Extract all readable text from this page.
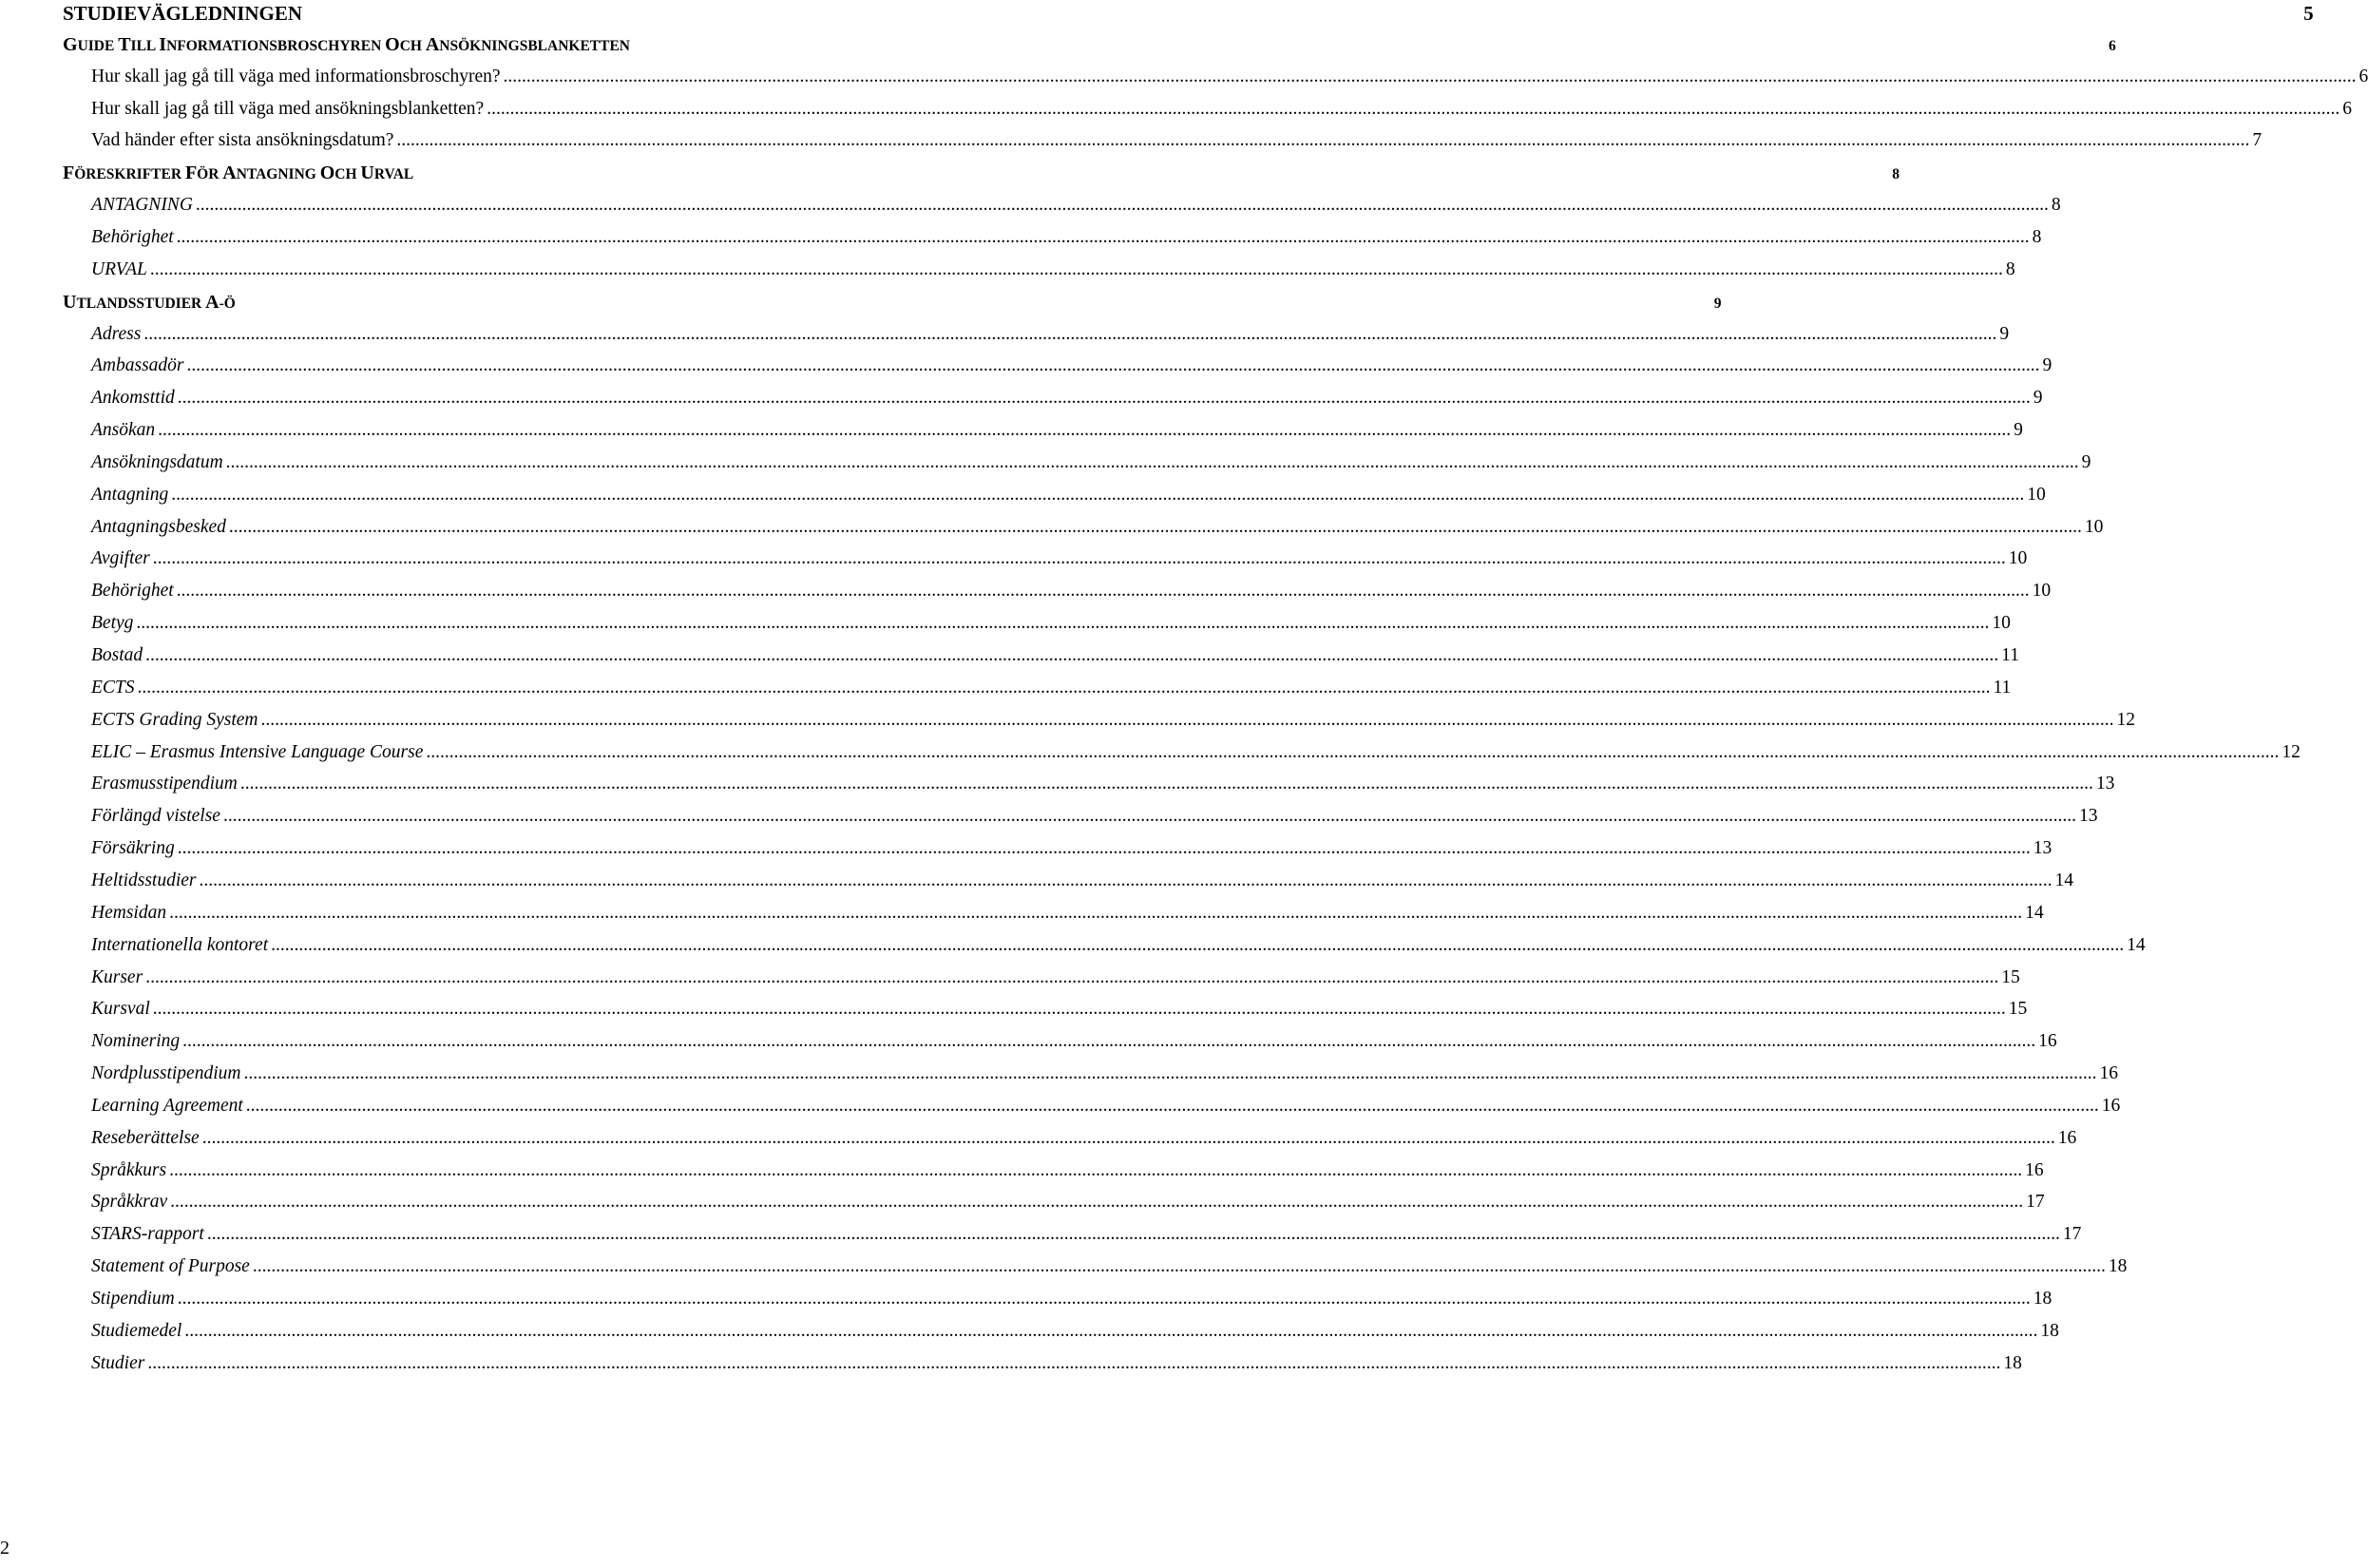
STUDIEVÄGLEDNINGEN	5
GUIDE TILL INFORMATIONSBROSCHYREN OCH ANSÖKNINGSBLANKETTEN	6
Hur skall jag gå till väga med informationsbroschyren? ................................................................................................................................................................................................................................................................................................................................................................................................................ 6
Hur skall jag gå till väga med ansökningsblanketten? ................................................................................................................................................................................................................................................................................................................................................................................................................ 6
Vad händer efter sista ansökningsdatum? ................................................................................................................................................................................................................................................................................................................................................................................................................ 7
FÖRESKRIFTER FÖR ANTAGNING OCH URVAL	8
ANTAGNING ................................................................................................................................................................................................................................................................................................................................................................................................................ 8
Behörighet ................................................................................................................................................................................................................................................................................................................................................................................................................ 8
URVAL ................................................................................................................................................................................................................................................................................................................................................................................................................ 8
UTLANDSSTUDIER A-Ö	9
Adress ................................................................................................................................................................................................................................................................................................................................................................................................................ 9
Ambassadör ................................................................................................................................................................................................................................................................................................................................................................................................................ 9
Ankomsttid ................................................................................................................................................................................................................................................................................................................................................................................................................ 9
Ansökan ................................................................................................................................................................................................................................................................................................................................................................................................................ 9
Ansökningsdatum ................................................................................................................................................................................................................................................................................................................................................................................................................ 9
Antagning ................................................................................................................................................................................................................................................................................................................................................................................................................ 10
Antagningsbesked ................................................................................................................................................................................................................................................................................................................................................................................................................ 10
Avgifter ................................................................................................................................................................................................................................................................................................................................................................................................................ 10
Behörighet ................................................................................................................................................................................................................................................................................................................................................................................................................ 10
Betyg ................................................................................................................................................................................................................................................................................................................................................................................................................ 10
Bostad ................................................................................................................................................................................................................................................................................................................................................................................................................ 11
ECTS ................................................................................................................................................................................................................................................................................................................................................................................................................ 11
ECTS Grading System ................................................................................................................................................................................................................................................................................................................................................................................................................ 12
ELIC – Erasmus Intensive Language Course ................................................................................................................................................................................................................................................................................................................................................................................................................ 12
Erasmusstipendium ................................................................................................................................................................................................................................................................................................................................................................................................................ 13
Förlängd vistelse ................................................................................................................................................................................................................................................................................................................................................................................................................ 13
Försäkring ................................................................................................................................................................................................................................................................................................................................................................................................................ 13
Heltidsstudier ................................................................................................................................................................................................................................................................................................................................................................................................................ 14
Hemsidan ................................................................................................................................................................................................................................................................................................................................................................................................................ 14
Internationella kontoret ................................................................................................................................................................................................................................................................................................................................................................................................................ 14
Kurser ................................................................................................................................................................................................................................................................................................................................................................................................................ 15
Kursval ................................................................................................................................................................................................................................................................................................................................................................................................................ 15
Nominering ................................................................................................................................................................................................................................................................................................................................................................................................................ 16
Nordplusstipendium ................................................................................................................................................................................................................................................................................................................................................................................................................ 16
Learning Agreement ................................................................................................................................................................................................................................................................................................................................................................................................................ 16
Reseberättelse ................................................................................................................................................................................................................................................................................................................................................................................................................ 16
Språkkurs ................................................................................................................................................................................................................................................................................................................................................................................................................ 16
Språkkrav ................................................................................................................................................................................................................................................................................................................................................................................................................ 17
STARS-rapport ................................................................................................................................................................................................................................................................................................................................................................................................................ 17
Statement of Purpose ................................................................................................................................................................................................................................................................................................................................................................................................................ 18
Stipendium ................................................................................................................................................................................................................................................................................................................................................................................................................ 18
Studiemedel ................................................................................................................................................................................................................................................................................................................................................................................................................ 18
Studier ................................................................................................................................................................................................................................................................................................................................................................................................................ 18
2
